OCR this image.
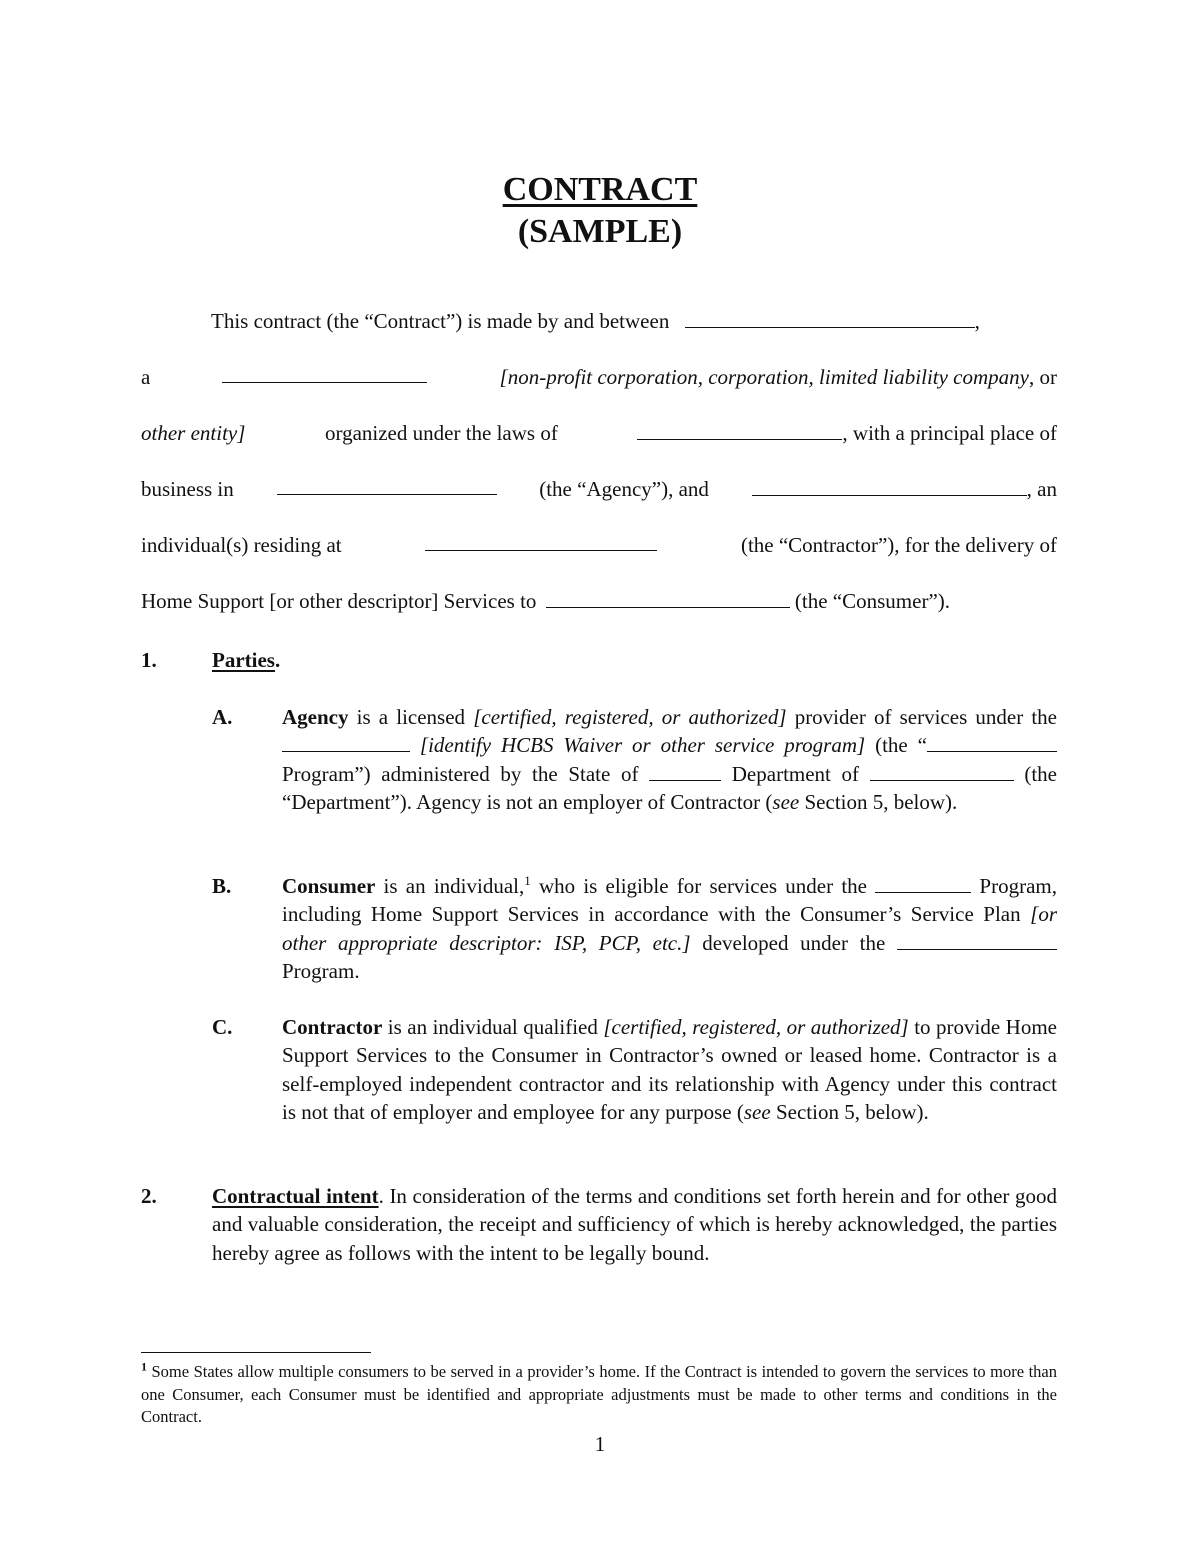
CONTRACT
(SAMPLE)
This contract (the “Contract”) is made by and between	,
a	[non-profit corporation, corporation, limited liability company, or
other entity]	organized under the laws of	, with a principal place of
business in	(the “Agency”), and	, an
individual(s) residing at	(the “Contractor”), for the delivery of
Home Support [or other descriptor] Services to	(the “Consumer”).
1.	Parties.
A. Agency is a licensed [certified, registered, or authorized] provider of services under the  [identify HCBS Waiver or other service program] (the “ Program”) administered by the State of	Department of	(the “Department”). Agency is not an employer of Contractor (see Section 5, below).
B. Consumer is an individual,$^1$ who is eligible for services under the	Program, including Home Support Services in accordance with the Consumer’s Service Plan [or other appropriate descriptor: ISP, PCP, etc.] developed under the Program.
C. Contractor is an individual qualified [certified, registered, or authorized] to provide Home Support Services to the Consumer in Contractor’s owned or leased home. Contractor is a self-employed independent contractor and its relationship with Agency under this contract is not that of employer and employee for any purpose (see Section 5, below).
2.	Contractual intent. In consideration of the terms and conditions set forth herein and for other good and valuable consideration, the receipt and sufficiency of which is hereby acknowledged, the parties hereby agree as follows with the intent to be legally bound.
$^1$ Some States allow multiple consumers to be served in a provider’s home. If the Contract is intended to govern the services to more than one Consumer, each Consumer must be identified and appropriate adjustments must be made to other terms and conditions in the Contract.
1
